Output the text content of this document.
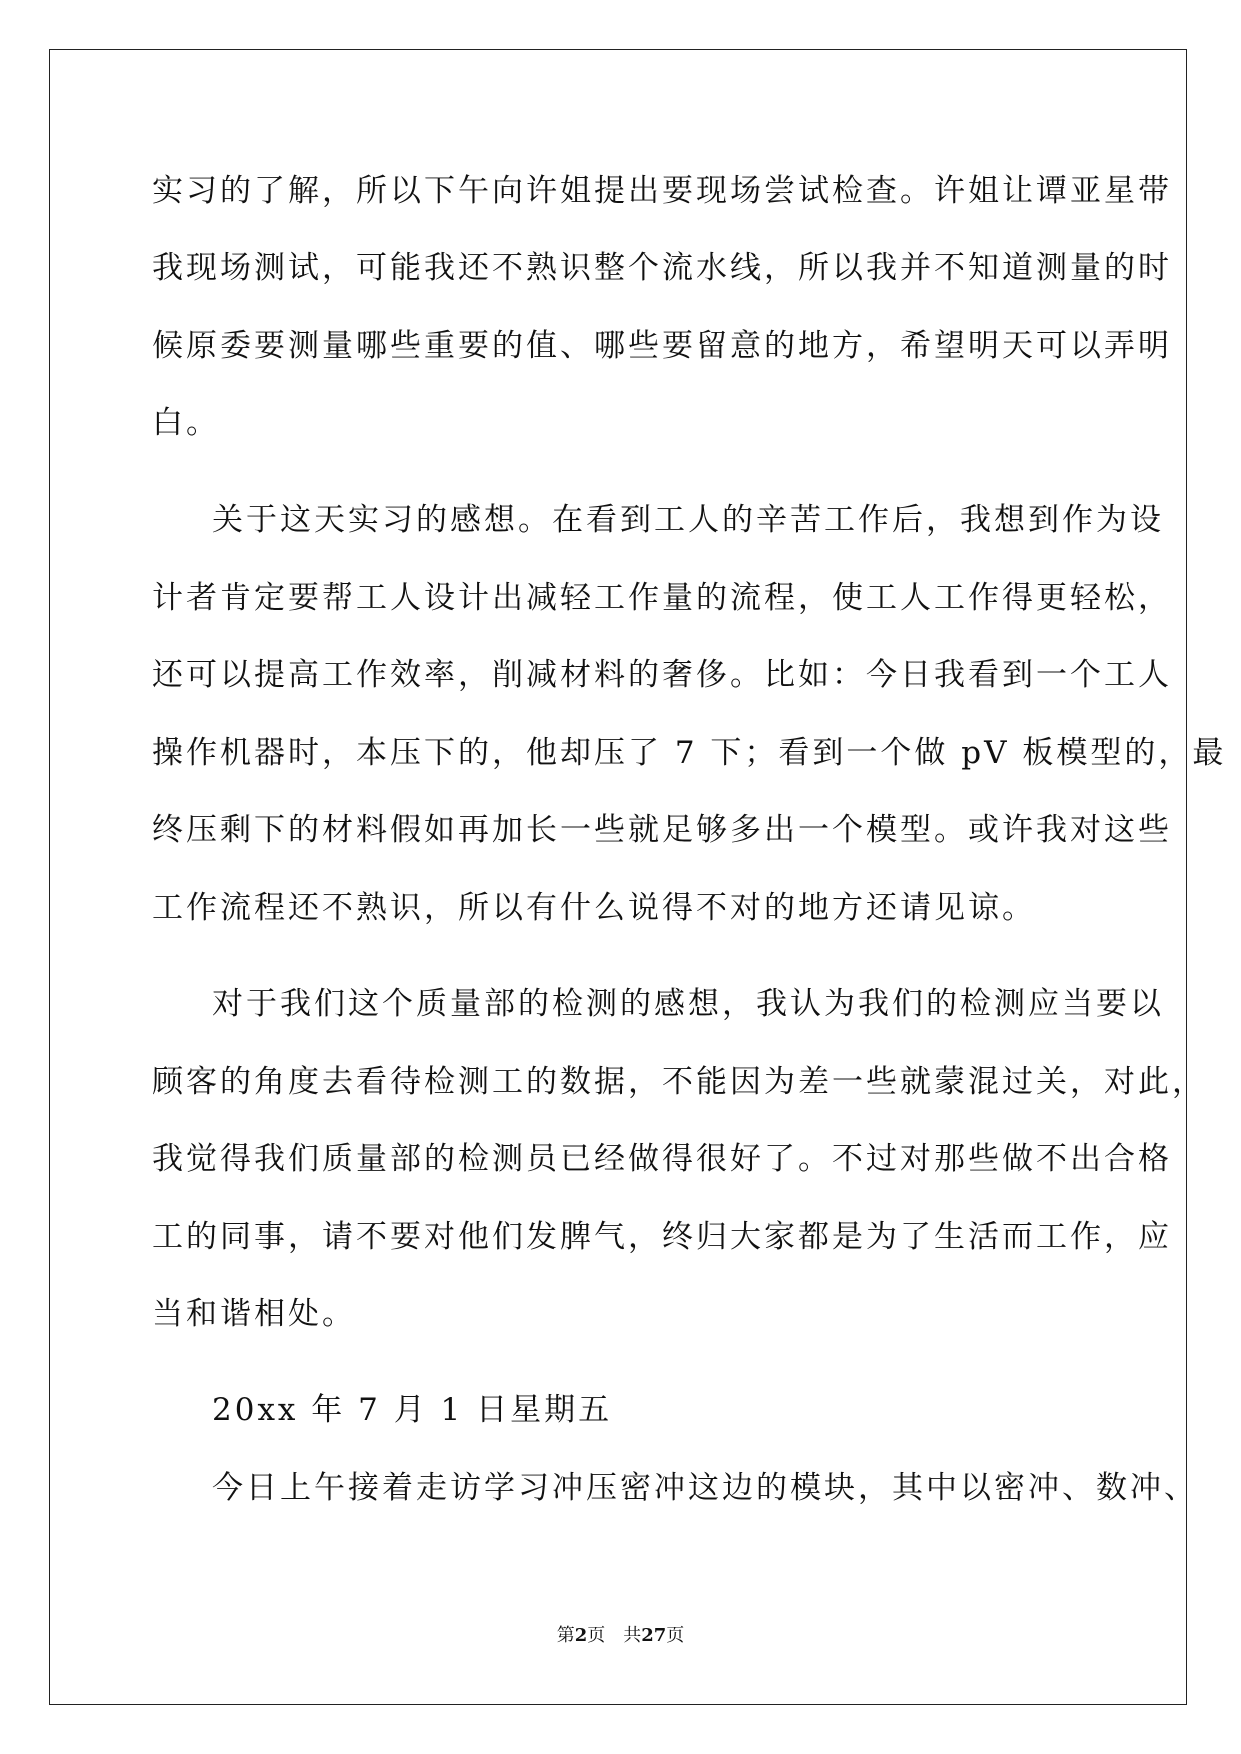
实习的了解，所以下午向许姐提出要现场尝试检查。许姐让谭亚星带

我现场测试，可能我还不熟识整个流水线，所以我并不知道测量的时

候原委要测量哪些重要的值、哪些要留意的地方，希望明天可以弄明

白。

关于这天实习的感想。在看到工人的辛苦工作后，我想到作为设

计者肯定要帮工人设计出减轻工作量的流程，使工人工作得更轻松，

还可以提高工作效率，削减材料的奢侈。比如：今日我看到一个工人

操作机器时，本压下的，他却压了 7 下；看到一个做 pV 板模型的，最

终压剩下的材料假如再加长一些就足够多出一个模型。或许我对这些

工作流程还不熟识，所以有什么说得不对的地方还请见谅。

对于我们这个质量部的检测的感想，我认为我们的检测应当要以

顾客的角度去看待检测工的数据，不能因为差一些就蒙混过关，对此，

我觉得我们质量部的检测员已经做得很好了。不过对那些做不出合格

工的同事，请不要对他们发脾气，终归大家都是为了生活而工作，应

当和谐相处。

20xx 年 7 月 1 日星期五

今日上午接着走访学习冲压密冲这边的模块，其中以密冲、数冲、

第2页　共27页
